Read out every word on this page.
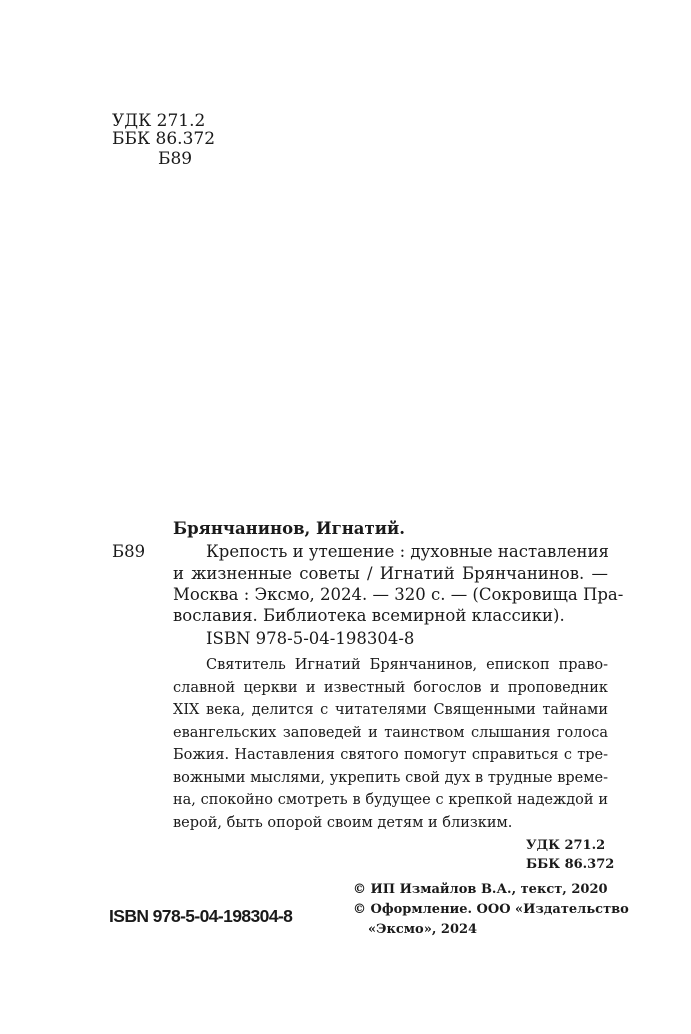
УДК 271.2
ББК 86.372
Б89
Брянчанинов, Игнатий.
Б89	Крепость и утешение : духовные наставления
и жизненные советы / Игнатий Брянчанинов. —
Москва : Эксмо, 2024. — 320 с. — (Сокровища Пра-
вославия. Библиотека всемирной классики).
ISBN 978-5-04-198304-8
Святитель Игнатий Брянчанинов, епископ право-
славной церкви и известный богослов и проповедник
XIX века, делится с читателями Священными тайнами
евангельских заповедей и таинством слышания голоса
Божия. Наставления святого помогут справиться с тре-
вожными мыслями, укрепить свой дух в трудные време-
на, спокойно смотреть в будущее с крепкой надеждой и
верой, быть опорой своим детям и близким.
УДК 271.2
ББК 86.372
© ИП Измайлов В.А., текст, 2020
© Оформление. ООО «Издательство
«Эксмо», 2024
ISBN 978-5-04-198304-8
